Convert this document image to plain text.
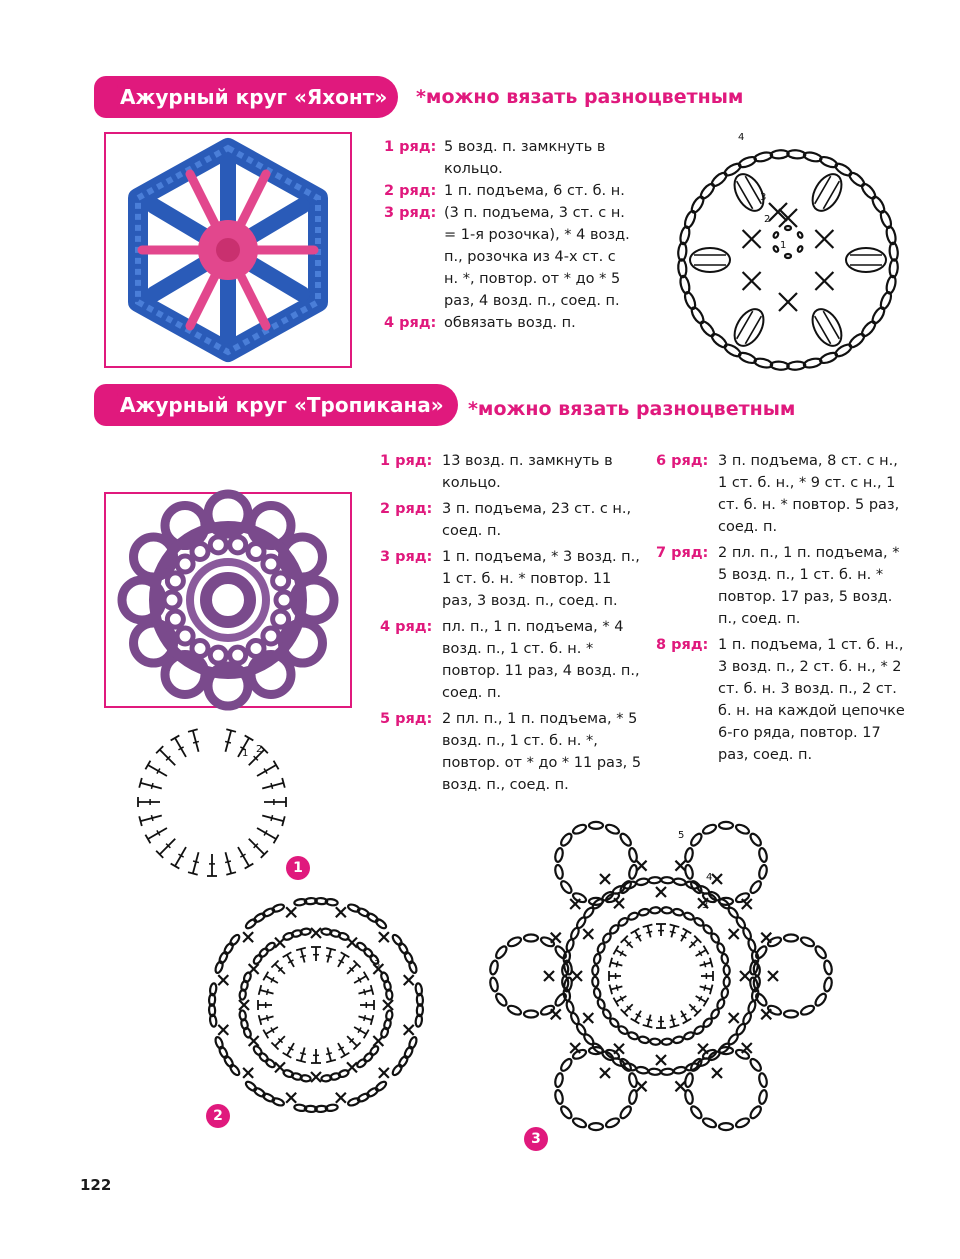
Ажурный круг «Яхонт» *можно вязать разноцветным
1 ряд: 5 возд. п. замкнуть в кольцо.
2 ряд: 1 п. подъема, 6 ст. б. н.
3 ряд: (3 п. подъема, 3 ст. с н. = 1-я розочка), * 4 возд. п., розочка из 4-х ст. с н. *, повтор. от * до * 5 раз, 4 возд. п., соед. п.
4 ряд: обвязать возд. п.
4
3
2
1
Ажурный круг «Тропикана» *можно вязать разноцветным
1 ряд: 13 возд. п. замкнуть в кольцо.
2 ряд: 3 п. подъема, 23 ст. с н., соед. п.
3 ряд: 1 п. подъема, * 3 возд. п., 1 ст. б. н. * повтор. 11 раз, 3 возд. п., соед. п.
4 ряд: пл. п., 1 п. подъема, * 4 возд. п., 1 ст. б. н. * повтор. 11 раз, 4 возд. п., соед. п.
5 ряд: 2 пл. п., 1 п. подъема, * 5 возд. п., 1 ст. б. н. *, повтор. от * до * 11 раз, 5 возд. п., соед. п.
6 ряд: 3 п. подъема, 8 ст. с н., 1 ст. б. н., * 9 ст. с н., 1 ст. б. н. * повтор. 5 раз, соед. п.
7 ряд: 2 пл. п., 1 п. подъема, * 5 возд. п., 1 ст. б. н. * повтор. 17 раз, 5 возд. п., соед. п.
8 ряд: 1 п. подъема, 1 ст. б. н., 3 возд. п., 2 ст. б. н., * 2 ст. б. н. 3 возд. п., 2 ст. б. н. на каждой цепочке 6-го ряда, повтор. 17 раз, соед. п.
1 2
1
3
2
5
4
3
3
122
